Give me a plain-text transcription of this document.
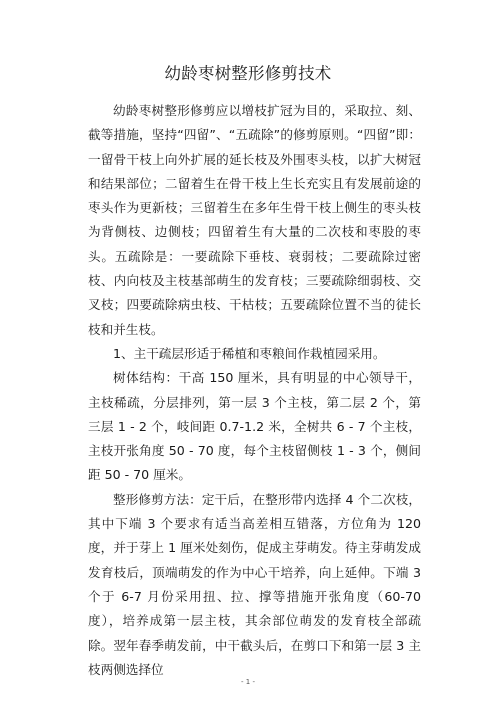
幼龄枣树整形修剪技术

幼龄枣树整形修剪应以增枝扩冠为目的，采取拉、刻、截等措施，坚持“四留”、“五疏除”的修剪原则。“四留”即：一留骨干枝上向外扩展的延长枝及外围枣头枝，以扩大树冠和结果部位；二留着生在骨干枝上生长充实且有发展前途的枣头作为更新枝；三留着生在多年生骨干枝上侧生的枣头枝为背侧枝、边侧枝；四留着生有大量的二次枝和枣股的枣头。五疏除是：一要疏除下垂枝、衰弱枝；二要疏除过密枝、内向枝及主枝基部萌生的发育枝；三要疏除细弱枝、交叉枝；四要疏除病虫枝、干枯枝；五要疏除位置不当的徒长枝和并生枝。

1、主干疏层形适于稀植和枣粮间作栽植园采用。

树体结构：干高 150 厘米，具有明显的中心领导干，主枝稀疏，分层排列，第一层 3 个主枝，第二层 2 个，第三层 1 - 2 个，岐间距 0.7-1.2 米，全树共 6 - 7 个主枝，主枝开张角度 50 - 70 度，每个主枝留侧枝 1 - 3 个，侧间距 50 - 70 厘米。

整形修剪方法：定干后，在整形带内选择 4 个二次枝，其中下端 3 个要求有适当高差相互错落，方位角为 120 度，并于芽上 1 厘米处刻伤，促成主芽萌发。待主芽萌发成发育枝后，顶端萌发的作为中心干培养，向上延伸。下端 3 个于 6-7 月份采用扭、拉、撑等措施开张角度（60-70 度），培养成第一层主枝，其余部位萌发的发育枝全部疏除。翌年春季萌发前，中干截头后，在剪口下和第一层 3 主枝两侧选择位

- 1 -
